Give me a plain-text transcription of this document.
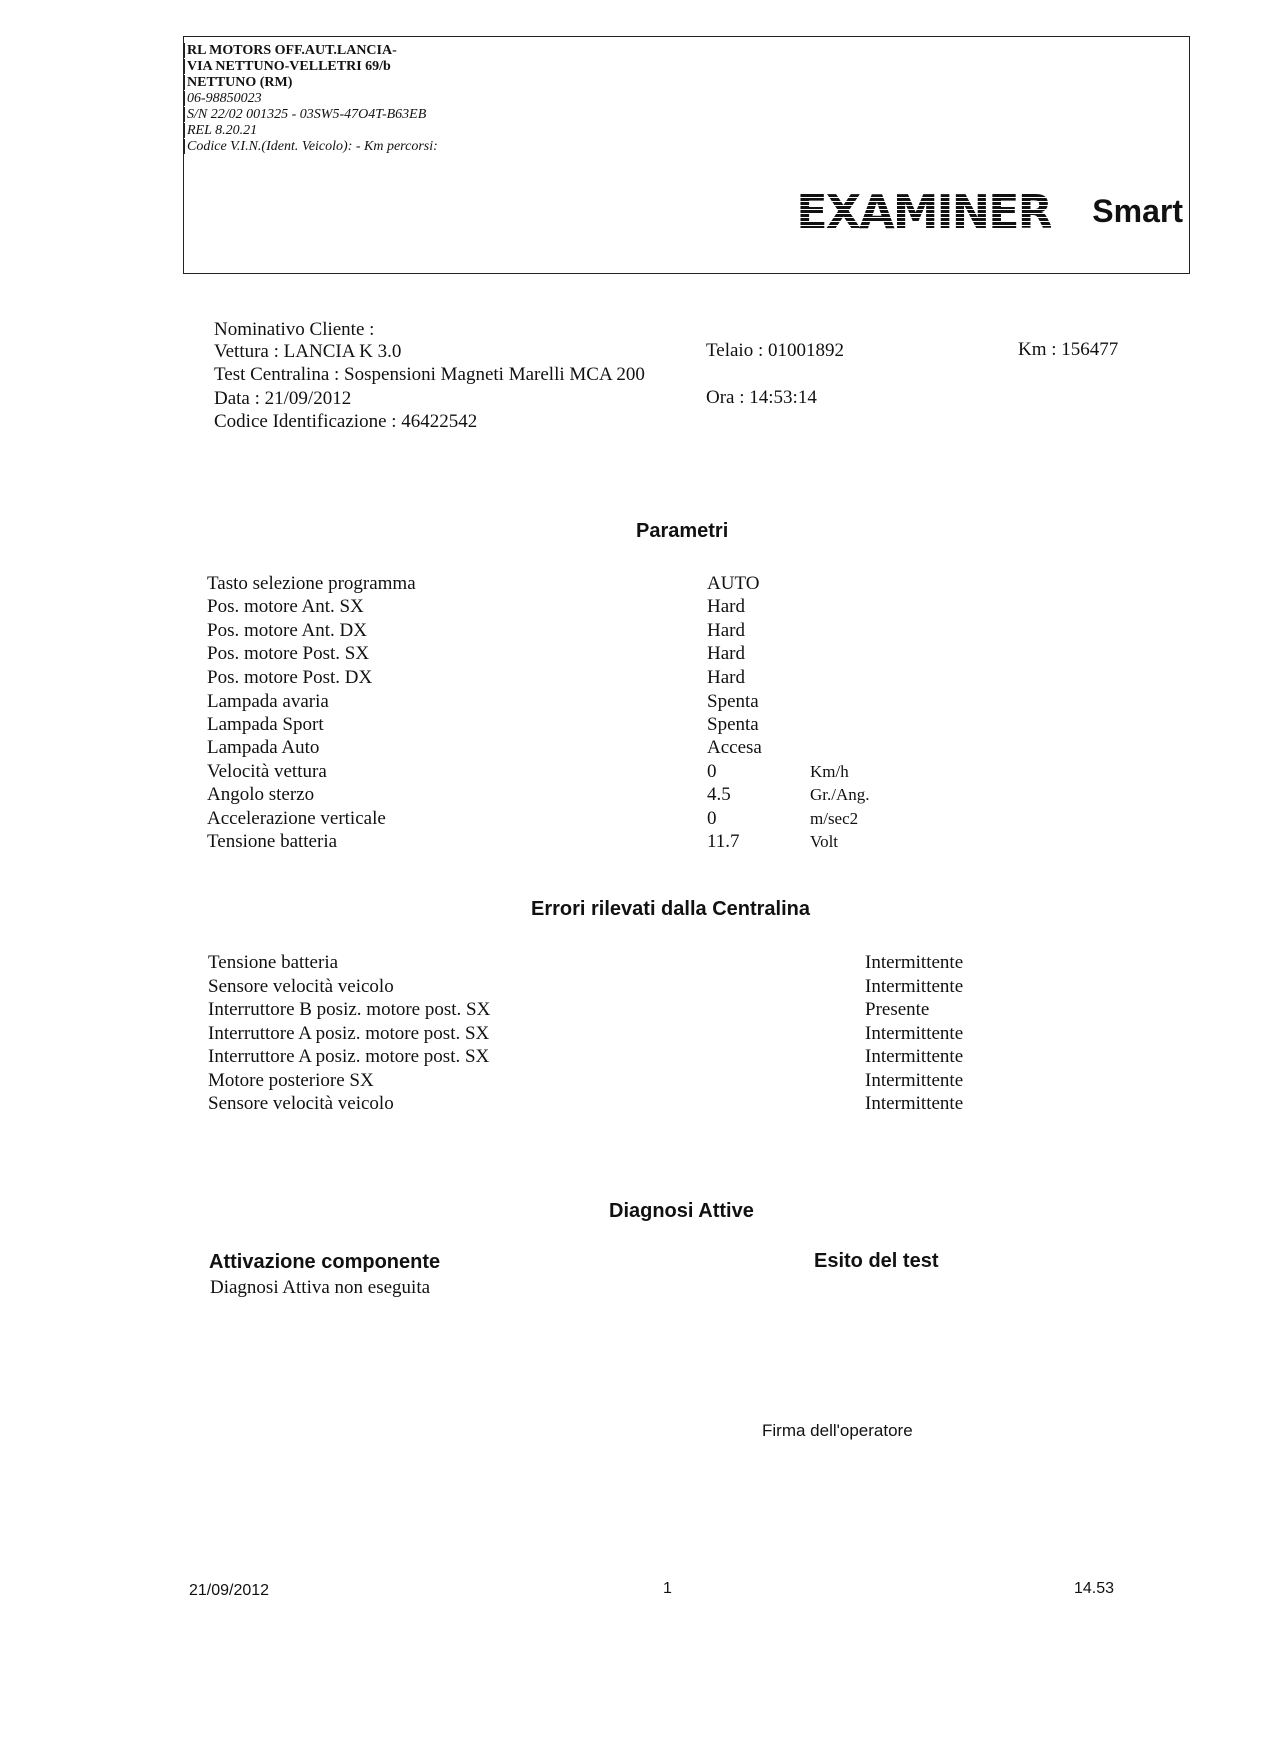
RL MOTORS OFF.AUT.LANCIA-
VIA NETTUNO-VELLETRI 69/b
NETTUNO (RM)
06-98850023
S/N 22/02 001325 - 03SW5-47O4T-B63EB
REL 8.20.21
Codice V.I.N.(Ident. Veicolo): - Km percorsi:
EXAMINER Smart
Nominativo Cliente :
Vettura : LANCIA K 3.0
Test Centralina : Sospensioni Magneti Marelli MCA 200
Data : 21/09/2012
Codice Identificazione : 46422542
Telaio : 01001892
Ora : 14:53:14
Km : 156477
Parametri
Tasto selezione programma	AUTO
Pos. motore Ant. SX	Hard
Pos. motore Ant. DX	Hard
Pos. motore Post. SX	Hard
Pos. motore Post. DX	Hard
Lampada avaria	Spenta
Lampada Sport	Spenta
Lampada Auto	Accesa
Velocità vettura	0	Km/h
Angolo sterzo	4.5	Gr./Ang.
Accelerazione verticale	0	m/sec2
Tensione batteria	11.7	Volt
Errori rilevati dalla Centralina
Tensione batteria	Intermittente
Sensore velocità veicolo	Intermittente
Interruttore B posiz. motore post. SX	Presente
Interruttore A posiz. motore post. SX	Intermittente
Interruttore A posiz. motore post. SX	Intermittente
Motore posteriore SX	Intermittente
Sensore velocità veicolo	Intermittente
Diagnosi Attive
Attivazione componente	Esito del test
Diagnosi Attiva non eseguita
Firma dell'operatore
21/09/2012	1	14.53
